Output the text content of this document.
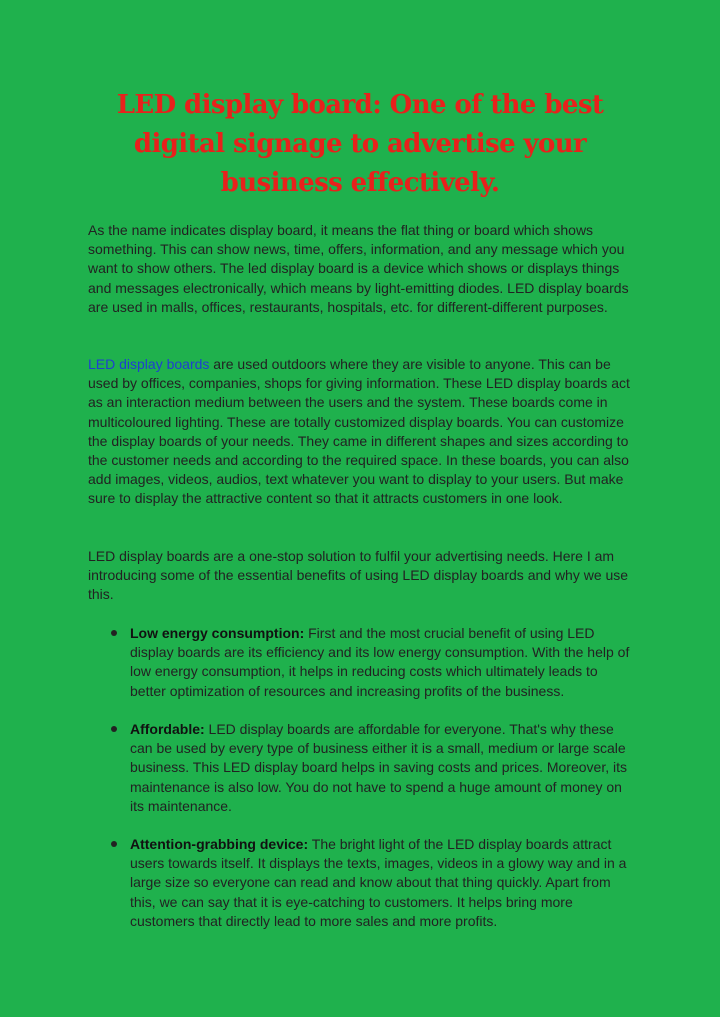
LED display board: One of the best digital signage to advertise your business effectively.

As the name indicates display board, it means the flat thing or board which shows something. This can show news, time, offers, information, and any message which you want to show others. The led display board is a device which shows or displays things and messages electronically, which means by light-emitting diodes. LED display boards are used in malls, offices, restaurants, hospitals, etc. for different-different purposes.

LED display boards are used outdoors where they are visible to anyone. This can be used by offices, companies, shops for giving information. These LED display boards act as an interaction medium between the users and the system. These boards come in multicoloured lighting. These are totally customized display boards. You can customize the display boards of your needs. They came in different shapes and sizes according to the customer needs and according to the required space. In these boards, you can also add images, videos, audios, text whatever you want to display to your users. But make sure to display the attractive content so that it attracts customers in one look.

LED display boards are a one-stop solution to fulfil your advertising needs. Here I am introducing some of the essential benefits of using LED display boards and why we use this.

Low energy consumption: First and the most crucial benefit of using LED display boards are its efficiency and its low energy consumption. With the help of low energy consumption, it helps in reducing costs which ultimately leads to better optimization of resources and increasing profits of the business.

Affordable: LED display boards are affordable for everyone. That's why these can be used by every type of business either it is a small, medium or large scale business. This LED display board helps in saving costs and prices. Moreover, its maintenance is also low. You do not have to spend a huge amount of money on its maintenance.

Attention-grabbing device: The bright light of the LED display boards attract users towards itself. It displays the texts, images, videos in a glowy way and in a large size so everyone can read and know about that thing quickly. Apart from this, we can say that it is eye-catching to customers. It helps bring more customers that directly lead to more sales and more profits.
